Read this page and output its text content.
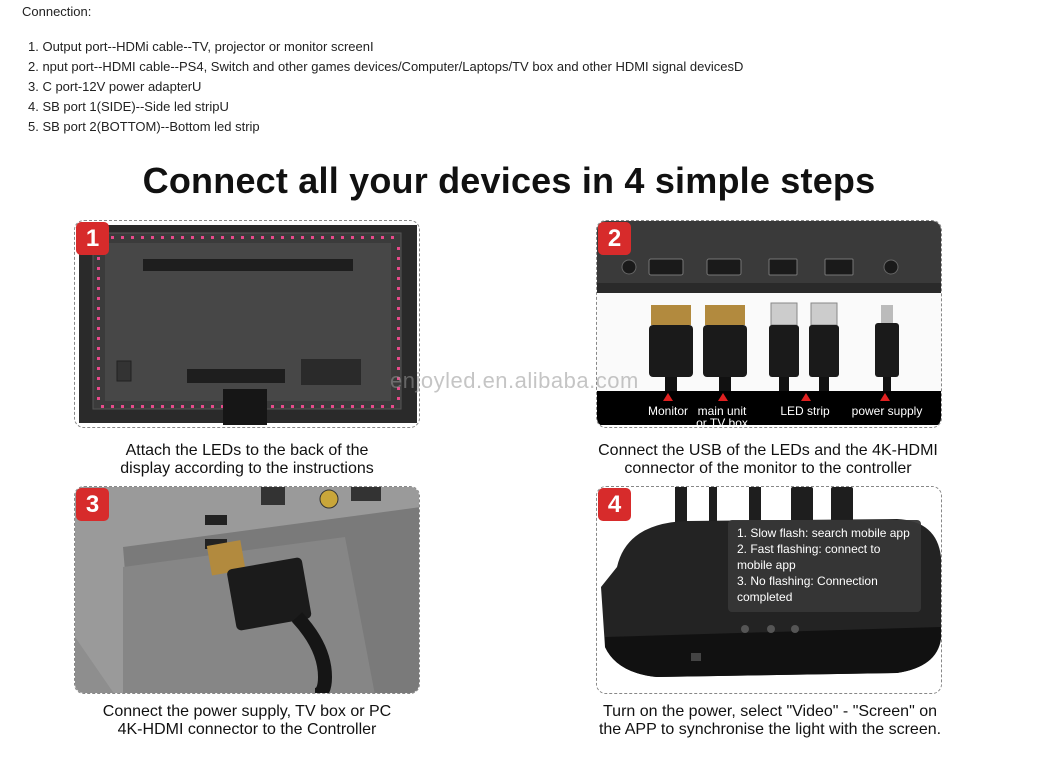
Connection:
1. Output port--HDMi cable--TV, projector or monitor screenI
2. nput port--HDMI cable--PS4, Switch and other games devices/Computer/Laptops/TV box and other HDMI signal devicesD
3. C port-12V power adapterU
4. SB port 1(SIDE)--Side led stripU
5. SB port 2(BOTTOM)--Bottom led strip
Connect all your devices in 4 simple steps
1
Attach the LEDs to the back of the
display according to the instructions
2
Monitor main unit
or TV box
LED strip	power supply
Connect the USB of the LEDs and the 4K-HDMI
connector of the monitor to the controller
3
Connect the power supply, TV box or PC
4K-HDMI connector to the Controller
4
1. Slow flash: search mobile app
2. Fast flashing: connect to
mobile app
3. No flashing: Connection
completed
Turn on the power, select "Video" - "Screen" on
the APP to synchronise the light with the screen.
enjoyled.en.alibaba.com
